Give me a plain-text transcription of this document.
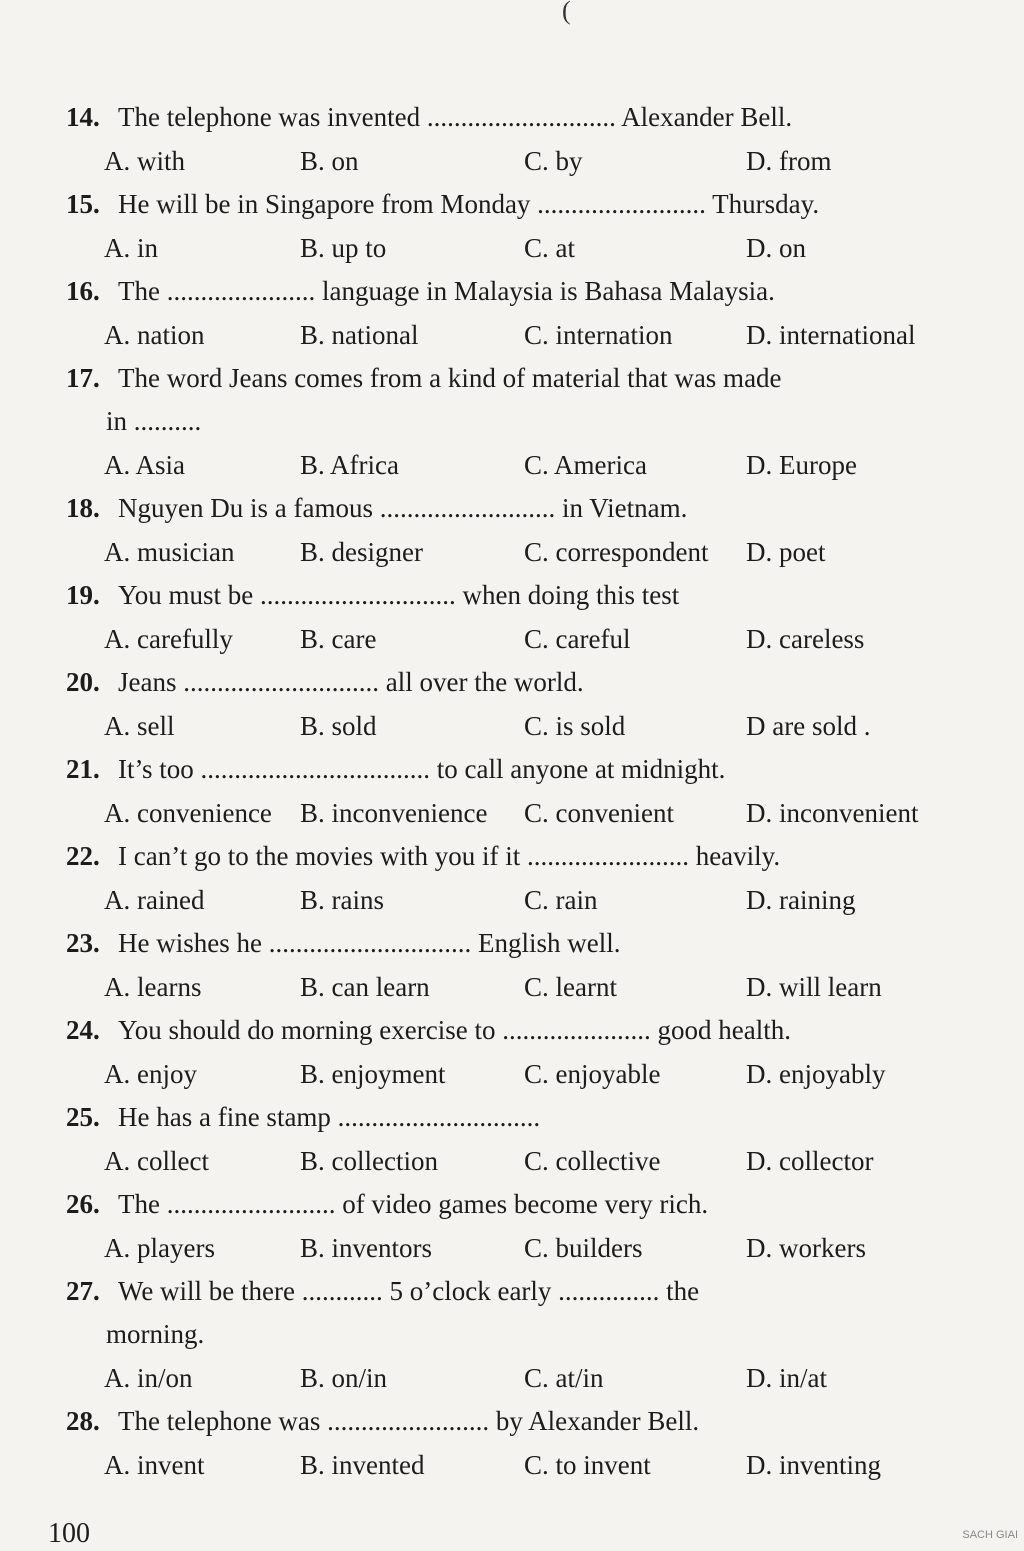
(
14. The telephone was invented ............................ Alexander Bell.
A. with	B. on	C. by	D. from
15. He will be in Singapore from Monday ......................... Thursday.
A. in	B. up to	C. at	D. on
16. The ...................... language in Malaysia is Bahasa Malaysia.
A. nation	B. national	C. internation	D. international
17. The word Jeans comes from a kind of material that was made
in ..........
A. Asia	B. Africa	C. America	D. Europe
18. Nguyen Du is a famous .......................... in Vietnam.
A. musician B. designer	C. correspondent D. poet
19. You must be ............................. when doing this test
A. carefully B. care	C. careful	D. careless
20. Jeans ............................. all over the world.
A. sell	B. sold	C. is sold	D are sold .
21. It’s too .................................. to call anyone at midnight.
A. convenience B. inconvenience C. convenient	D. inconvenient
22. I can’t go to the movies with you if it ........................ heavily.
A. rained	B. rains	C. rain	D. raining
23. He wishes he .............................. English well.
A. learns	B. can learn	C. learnt	D. will learn
24. You should do morning exercise to ...................... good health.
A. enjoy	B. enjoyment	C. enjoyable	D. enjoyably
25. He has a fine stamp ..............................
A. collect	B. collection	C. collective	D. collector
26. The ......................... of video games become very rich.
A. players	B. inventors	C. builders	D. workers
27. We will be there ............ 5 o’clock early ............... the
morning.
A. in/on	B. on/in	C. at/in	D. in/at
28. The telephone was ........................ by Alexander Bell.
A. invent	B. invented	C. to invent	D. inventing
100	SACH GIAI
